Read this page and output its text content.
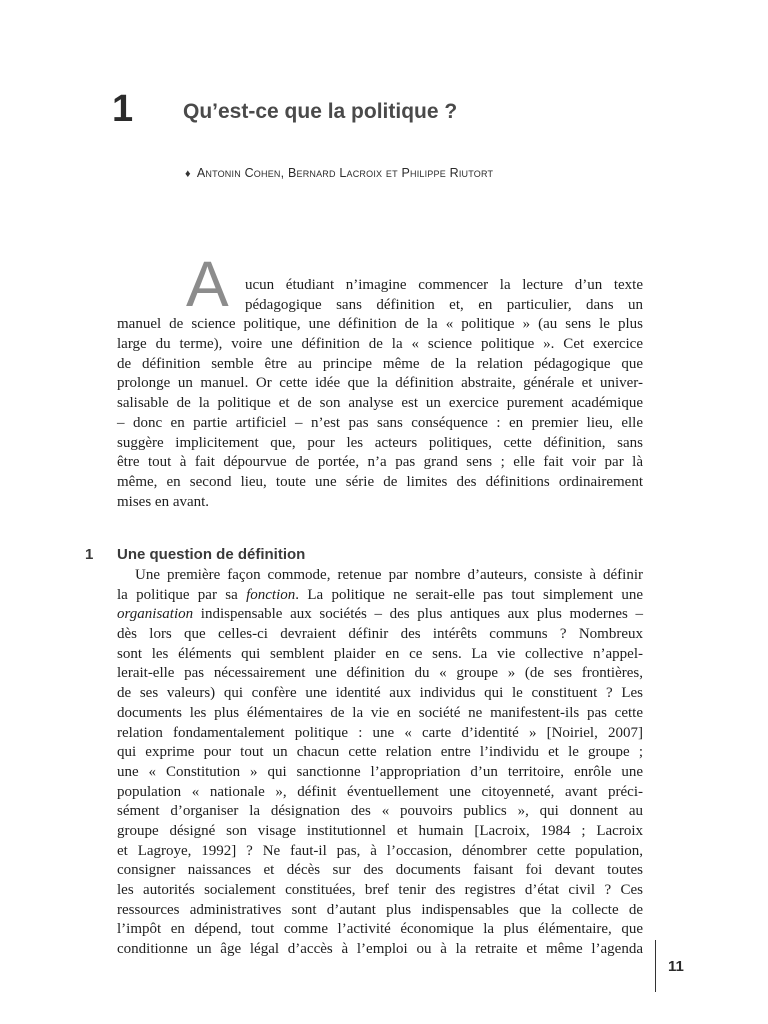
1 Qu’est-ce que la politique ?
♦ Antonin Cohen, Bernard Lacroix et Philippe Riutort
A	ucun étudiant n’imagine commencer la lecture d’un texte
pédagogique sans définition et, en particulier, dans un
manuel de science politique, une définition de la « politique » (au sens le plus
large du terme), voire une définition de la « science politique ». Cet exercice
de définition semble être au principe même de la relation pédagogique que
prolonge un manuel. Or cette idée que la définition abstraite, générale et univer-
salisable de la politique et de son analyse est un exercice purement académique
– donc en partie artificiel – n’est pas sans conséquence : en premier lieu, elle
suggère implicitement que, pour les acteurs politiques, cette définition, sans
être tout à fait dépourvue de portée, n’a pas grand sens ; elle fait voir par là
même, en second lieu, toute une série de limites des définitions ordinairement
mises en avant.
1 Une question de définition
Une première façon commode, retenue par nombre d’auteurs, consiste à définir
la politique par sa fonction. La politique ne serait-elle pas tout simplement une
organisation indispensable aux sociétés – des plus antiques aux plus modernes –
dès lors que celles-ci devraient définir des intérêts communs ? Nombreux
sont les éléments qui semblent plaider en ce sens. La vie collective n’appel-
lerait-elle pas nécessairement une définition du « groupe » (de ses frontières,
de ses valeurs) qui confère une identité aux individus qui le constituent ? Les
documents les plus élémentaires de la vie en société ne manifestent-ils pas cette
relation fondamentalement politique : une « carte d’identité » [Noiriel, 2007]
qui exprime pour tout un chacun cette relation entre l’individu et le groupe ;
une « Constitution » qui sanctionne l’appropriation d’un territoire, enrôle une
population « nationale », définit éventuellement une citoyenneté, avant préci-
sément d’organiser la désignation des « pouvoirs publics », qui donnent au
groupe désigné son visage institutionnel et humain [Lacroix, 1984 ; Lacroix
et Lagroye, 1992] ? Ne faut-il pas, à l’occasion, dénombrer cette population,
consigner naissances et décès sur des documents faisant foi devant toutes
les autorités socialement constituées, bref tenir des registres d’état civil ? Ces
ressources administratives sont d’autant plus indispensables que la collecte de
l’impôt en dépend, tout comme l’activité économique la plus élémentaire, que
conditionne un âge légal d’accès à l’emploi ou à la retraite et même l’agenda
11
